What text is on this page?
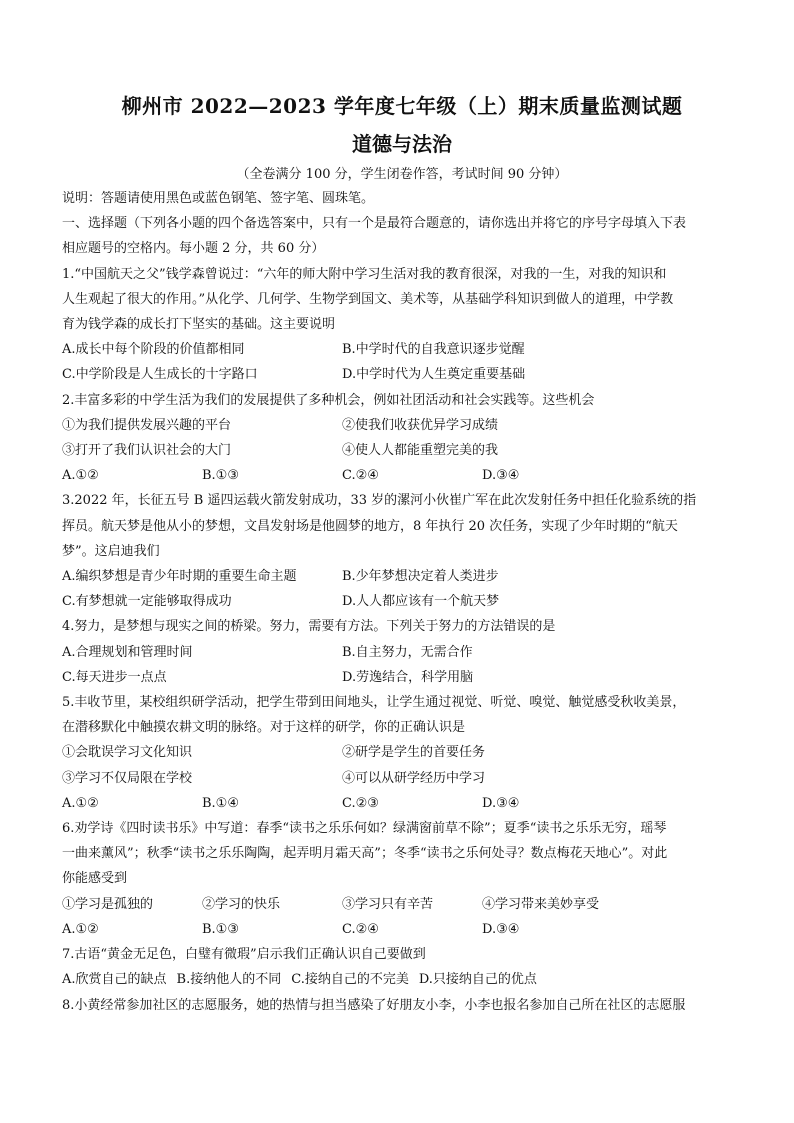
柳州市 2022—2023 学年度七年级（上）期末质量监测试题
道德与法治
（全卷满分 100 分，学生闭卷作答，考试时间 90 分钟）
说明：答题请使用黑色或蓝色钢笔、签字笔、圆珠笔。
一、选择题（下列各小题的四个备选答案中，只有一个是最符合题意的，请你选出并将它的序号字母填入下表
相应题号的空格内。每小题 2 分，共 60 分）
1.“中国航天之父”钱学森曾说过：“六年的师大附中学习生活对我的教育很深，对我的一生，对我的知识和
人生观起了很大的作用。”从化学、几何学、生物学到国文、美术等，从基础学科知识到做人的道理，中学教
育为钱学森的成长打下坚实的基础。这主要说明
A.成长中每个阶段的价值都相同	B.中学时代的自我意识逐步觉醒
C.中学阶段是人生成长的十字路口	D.中学时代为人生奠定重要基础
2.丰富多彩的中学生活为我们的发展提供了多种机会，例如社团活动和社会实践等。这些机会
①为我们提供发展兴趣的平台	②使我们收获优异学习成绩
③打开了我们认识社会的大门	④使人人都能重塑完美的我
A.①②	B.①③	C.②④	D.③④
3.2022 年，长征五号 B 遥四运载火箭发射成功，33 岁的漯河小伙崔广军在此次发射任务中担任化验系统的指
挥员。航天梦是他从小的梦想，文昌发射场是他圆梦的地方，8 年执行 20 次任务，实现了少年时期的“航天
梦”。这启迪我们
A.编织梦想是青少年时期的重要生命主题	B.少年梦想决定着人类进步
C.有梦想就一定能够取得成功	D.人人都应该有一个航天梦
4.努力，是梦想与现实之间的桥梁。努力，需要有方法。下列关于努力的方法错误的是
A.合理规划和管理时间	B.自主努力，无需合作
C.每天进步一点点	D.劳逸结合，科学用脑
5.丰收节里，某校组织研学活动，把学生带到田间地头，让学生通过视觉、听觉、嗅觉、触觉感受秋收美景，
在潜移默化中触摸农耕文明的脉络。对于这样的研学，你的正确认识是
①会耽误学习文化知识	②研学是学生的首要任务
③学习不仅局限在学校	④可以从研学经历中学习
A.①②	B.①④	C.②③	D.③④
6.劝学诗《四时读书乐》中写道：春季“读书之乐乐何如？绿满窗前草不除”；夏季“读书之乐乐无穷，瑶琴
一曲来薰风”；秋季“读书之乐乐陶陶，起弄明月霜天高”；冬季“读书之乐何处寻？数点梅花天地心”。对此
你能感受到
①学习是孤独的	②学习的快乐	③学习只有辛苦	④学习带来美妙享受
A.①②	B.①③	C.②④	D.③④
7.古语“黄金无足色，白璧有微瑕”启示我们正确认识自己要做到
A.欣赏自己的缺点 B.接纳他人的不同 C.接纳自己的不完美 D.只接纳自己的优点
8.小黄经常参加社区的志愿服务，她的热情与担当感染了好朋友小李，小李也报名参加自己所在社区的志愿服
